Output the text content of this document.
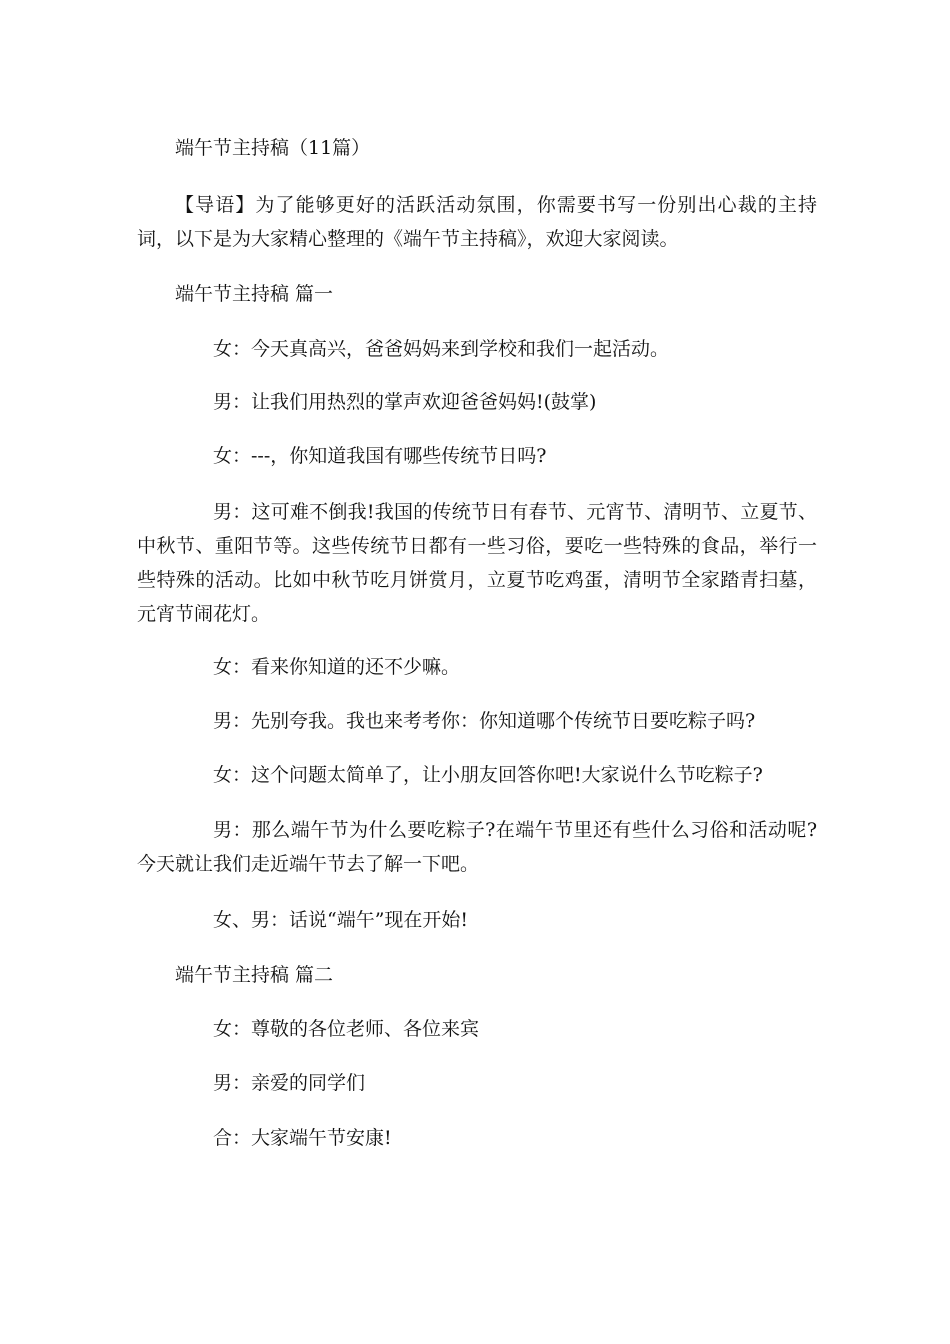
端午节主持稿（11篇）

【导语】为了能够更好的活跃活动氛围，你需要书写一份别出心裁的主持词，以下是为大家精心整理的《端午节主持稿》，欢迎大家阅读。

端午节主持稿 篇一

女：今天真高兴，爸爸妈妈来到学校和我们一起活动。

男：让我们用热烈的掌声欢迎爸爸妈妈!(鼓掌)

女：---，你知道我国有哪些传统节日吗?

男：这可难不倒我!我国的传统节日有春节、元宵节、清明节、立夏节、中秋节、重阳节等。这些传统节日都有一些习俗，要吃一些特殊的食品，举行一些特殊的活动。比如中秋节吃月饼赏月，立夏节吃鸡蛋，清明节全家踏青扫墓，元宵节闹花灯。

女：看来你知道的还不少嘛。

男：先别夸我。我也来考考你：你知道哪个传统节日要吃粽子吗?

女：这个问题太简单了，让小朋友回答你吧!大家说什么节吃粽子?

男：那么端午节为什么要吃粽子?在端午节里还有些什么习俗和活动呢?今天就让我们走近端午节去了解一下吧。

女、男：话说“端午”现在开始!

端午节主持稿 篇二

女：尊敬的各位老师、各位来宾

男：亲爱的同学们

合：大家端午节安康!
